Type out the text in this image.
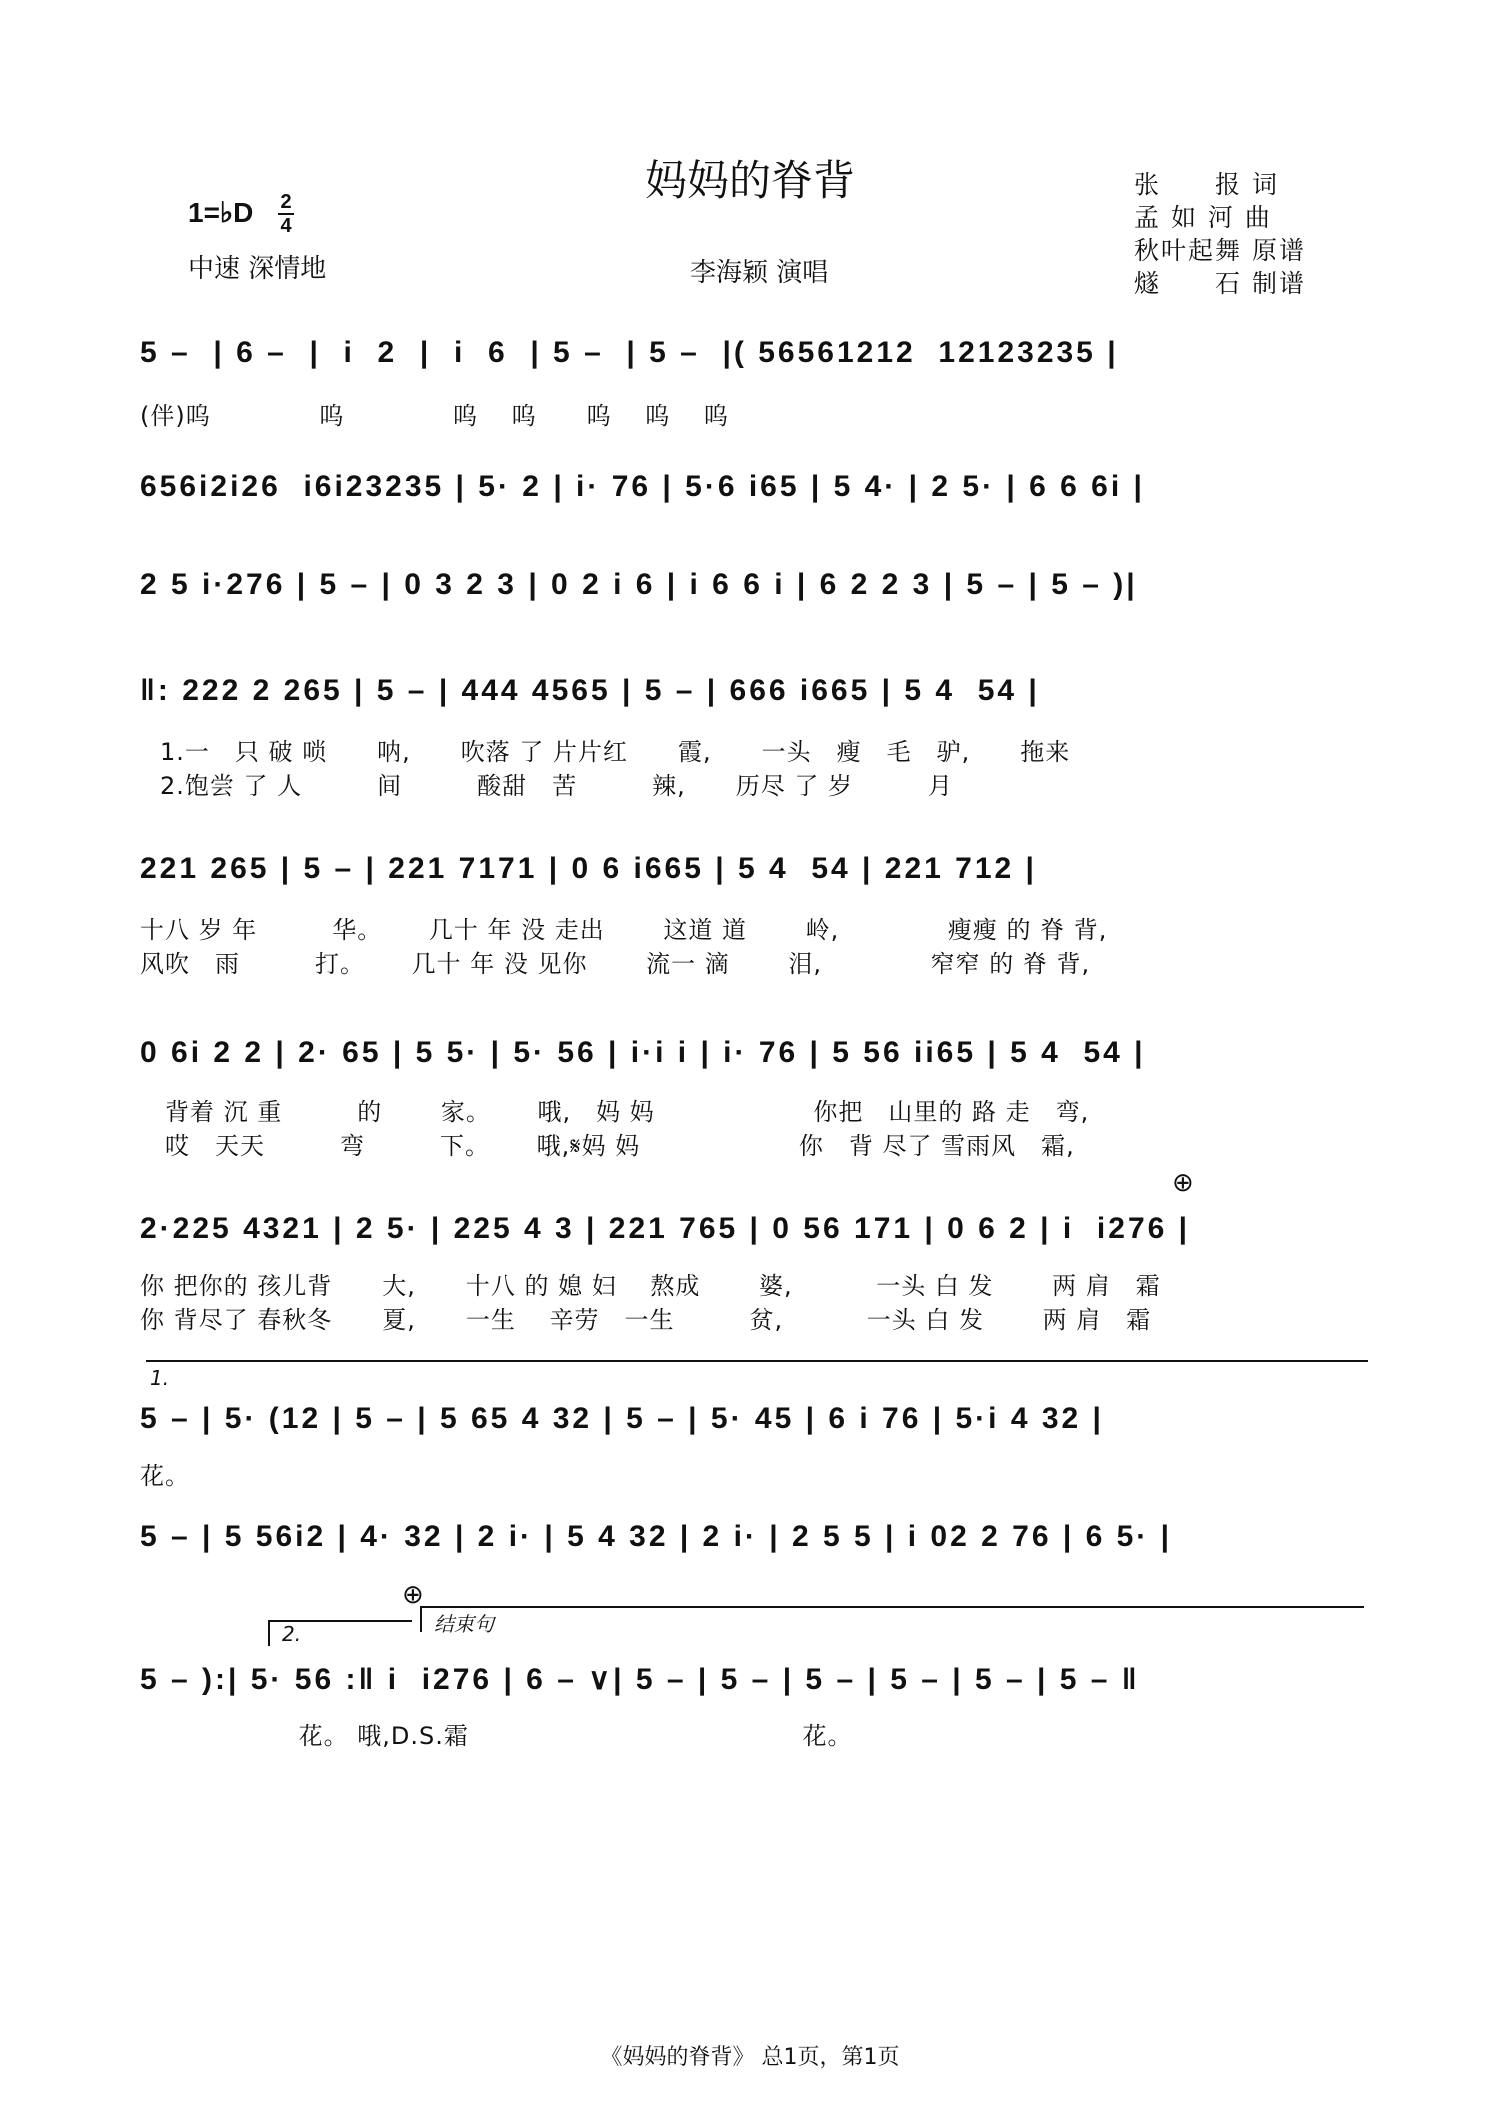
妈妈的脊背
1=♭D 2
4
中速 深情地	李海颖 演唱
张　　报 词
孟 如 河 曲
秋叶起舞 原谱
燧　　石 制谱
5 –  | 6 –  |  i  2  |  i  6  | 5 –  | 5 –  |( 56561212  12123235 |
(伴)呜　　　　 呜　　　　 呜 　呜　　呜　 呜　 呜
656i2i26  i6i23235 | 5· 2 | i· 76 | 5·6 i65 | 5 4· | 2 5· | 6 6 6i |
2 5 i·276 | 5 – | 0 3 2 3 | 0 2 i 6 | i 6 6 i | 6 2 2 3 | 5 – | 5 – )|
‖: 222 2 265 | 5 – | 444 4565 | 5 – | 666 i665 | 5 4  54 |
1.一　只 破 唢　　呐,　　吹落 了 片片红　　霞,　　一头　瘦　毛　驴,　　拖来
2.饱尝 了 人　　　间　　　酸甜　苦　　　辣,　　历尽 了 岁　　　月
221 265 | 5 – | 221 7171 | 0 6 i665 | 5 4  54 | 221 712 |
十八 岁 年　　　华。　　 几十 年 没 走出　　 这道 道　　 岭,　　　　 瘦瘦 的 脊 背,
风吹　雨　　　打。　　 几十 年 没 见你　　 流一 滴　　 泪,　　　　 窄窄 的 脊 背,
0 6i 2 2 | 2· 65 | 5 5· | 5· 56 | i·i i | i· 76 | 5 56 ii65 | 5 4  54 |
　背着 沉 重　　　的　　 家。　　 哦,　妈 妈　　　　　　 你把　山里的 路 走　弯,
　哎　天天　　　弯　　　下。　　 哦,𝄋妈 妈　　　　　　 你　背 尽了 雪雨风　霜,
⊕
2·225 4321 | 2 5· | 225 4 3 | 221 765 | 0 56 171 | 0 6 2 | i  i276 |
你 把你的 孩儿背　　大,　　十八 的 媳 妇　 熬成　　 婆,　　　 一头 白 发　　 两 肩　霜
你 背尽了 春秋冬　　夏,　　一生　 辛劳　一生　　　贫,　　　 一头 白 发　　 两 肩　霜
1.
5 – | 5· (12 | 5 – | 5 65 4 32 | 5 – | 5· 45 | 6 i 76 | 5·i 4 32 |
花。
5 – | 5 56i2 | 4· 32 | 2 i· | 5 4 32 | 2 i· | 2 5 5 | i 02 2 76 | 6 5· |
⊕
2.	结束句
5 – ):| 5· 56 :‖ i  i276 | 6 – ∨| 5 – | 5 – | 5 – | 5 – | 5 – | 5 – ‖
　　　　　　 花。 哦,D.S.霜　　　　　　　　　　　　　 花。
《妈妈的脊背》 总1页，第1页
